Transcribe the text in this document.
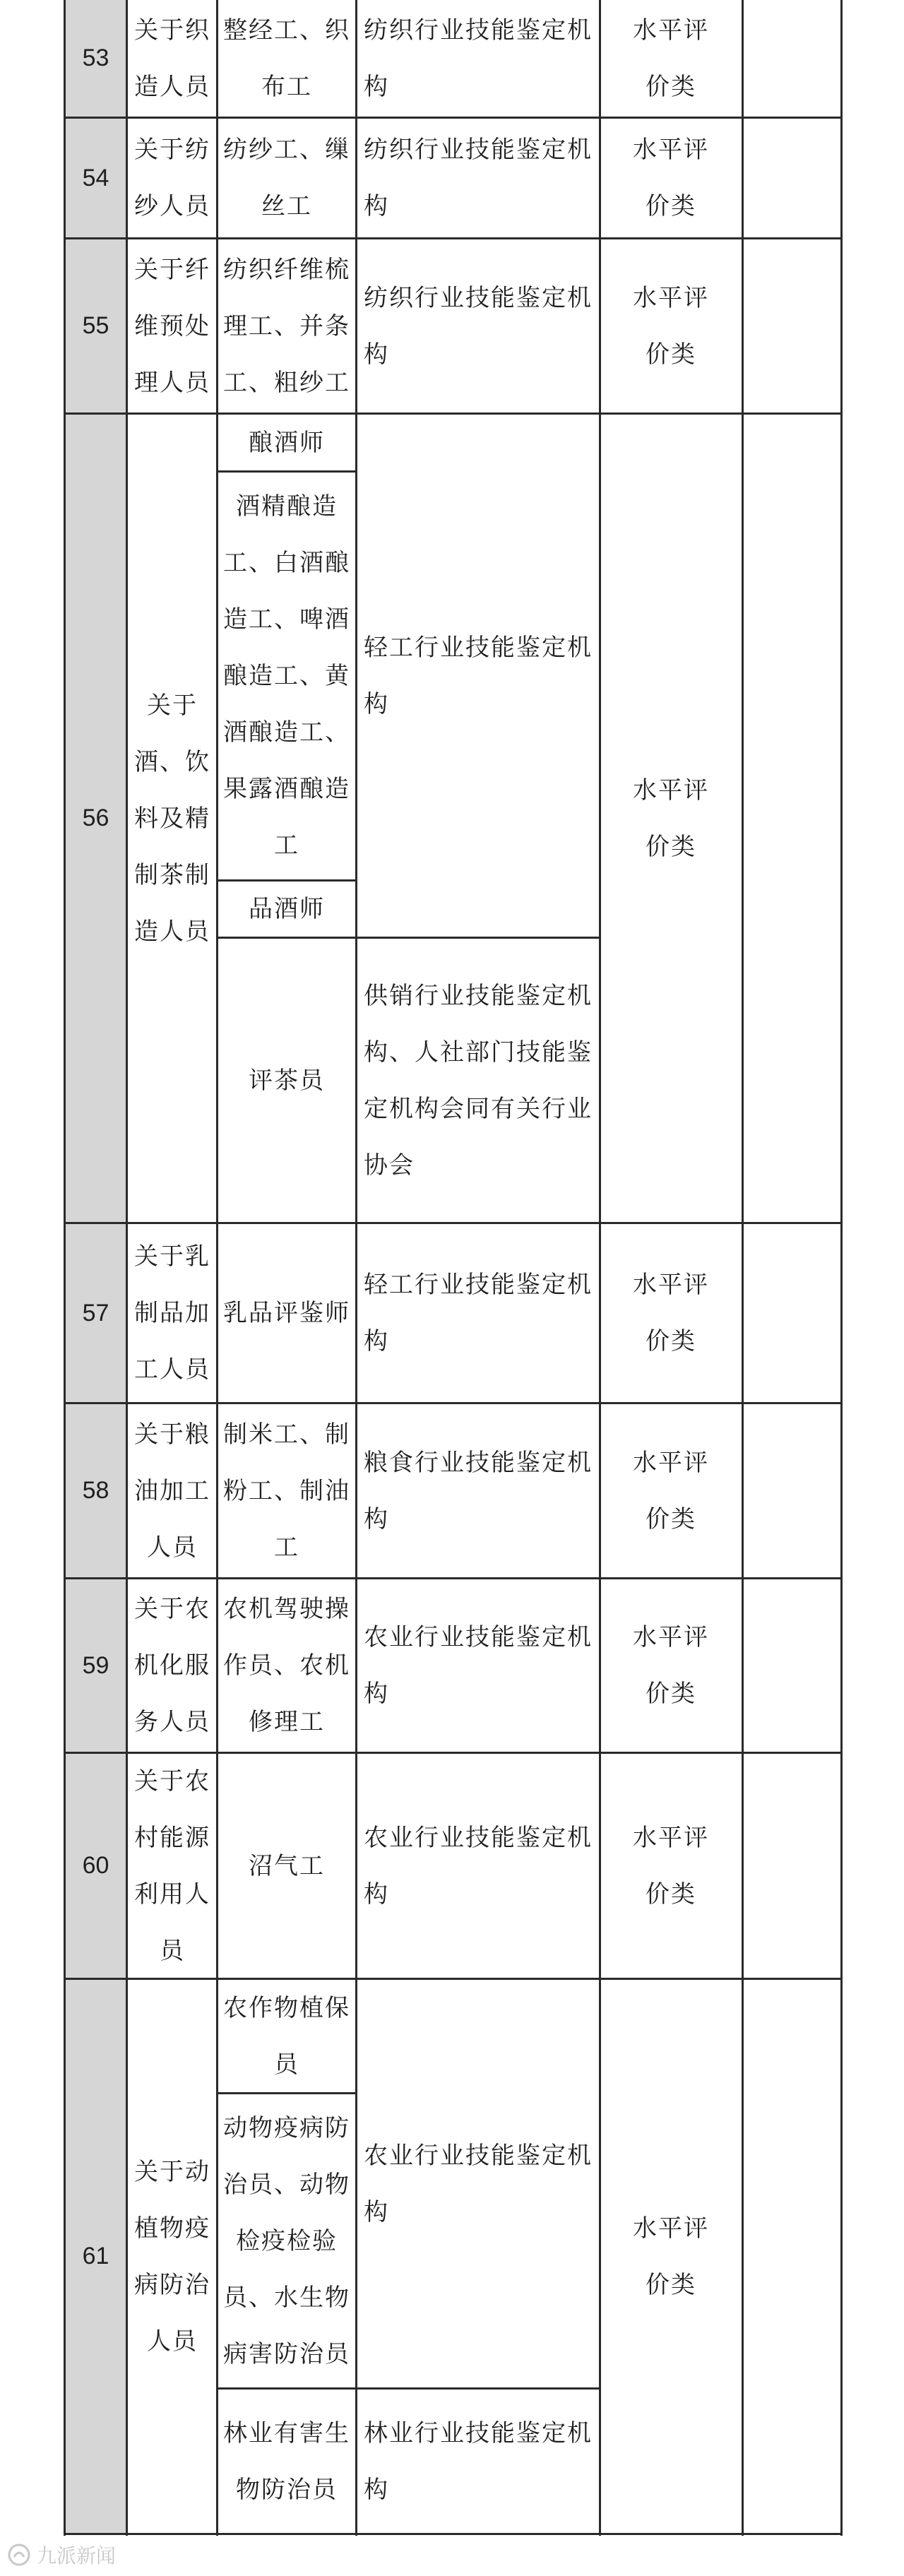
53
关于织造人员
整经工、织布工
纺织行业技能鉴定机构
水平评价类
54
关于纺纱人员
纺纱工、缫丝工
纺织行业技能鉴定机构
水平评价类
55
关于纤维预处理人员
纺织纤维梳理工、并条工、粗纱工
纺织行业技能鉴定机构
水平评价类
56
关于酒、饮料及精制茶制造人员
酿酒师
酒精酿造工、白酒酿造工、啤酒酿造工、黄酒酿造工、果露酒酿造工
品酒师
评茶员
轻工行业技能鉴定机构
供销行业技能鉴定机构、人社部门技能鉴定机构会同有关行业协会
水平评价类
57
关于乳制品加工人员
乳品评鉴师
轻工行业技能鉴定机构
水平评价类
58
关于粮油加工人员
制米工、制粉工、制油工
粮食行业技能鉴定机构
水平评价类
59
关于农机化服务人员
农机驾驶操作员、农机修理工
农业行业技能鉴定机构
水平评价类
60
关于农村能源利用人员
沼气工
农业行业技能鉴定机构
水平评价类
61
关于动植物疫病防治人员
农作物植保员
动物疫病防治员、动物检疫检验员、水生物病害防治员
林业有害生物防治员
农业行业技能鉴定机构
林业行业技能鉴定机构
水平评价类
九派新闻
